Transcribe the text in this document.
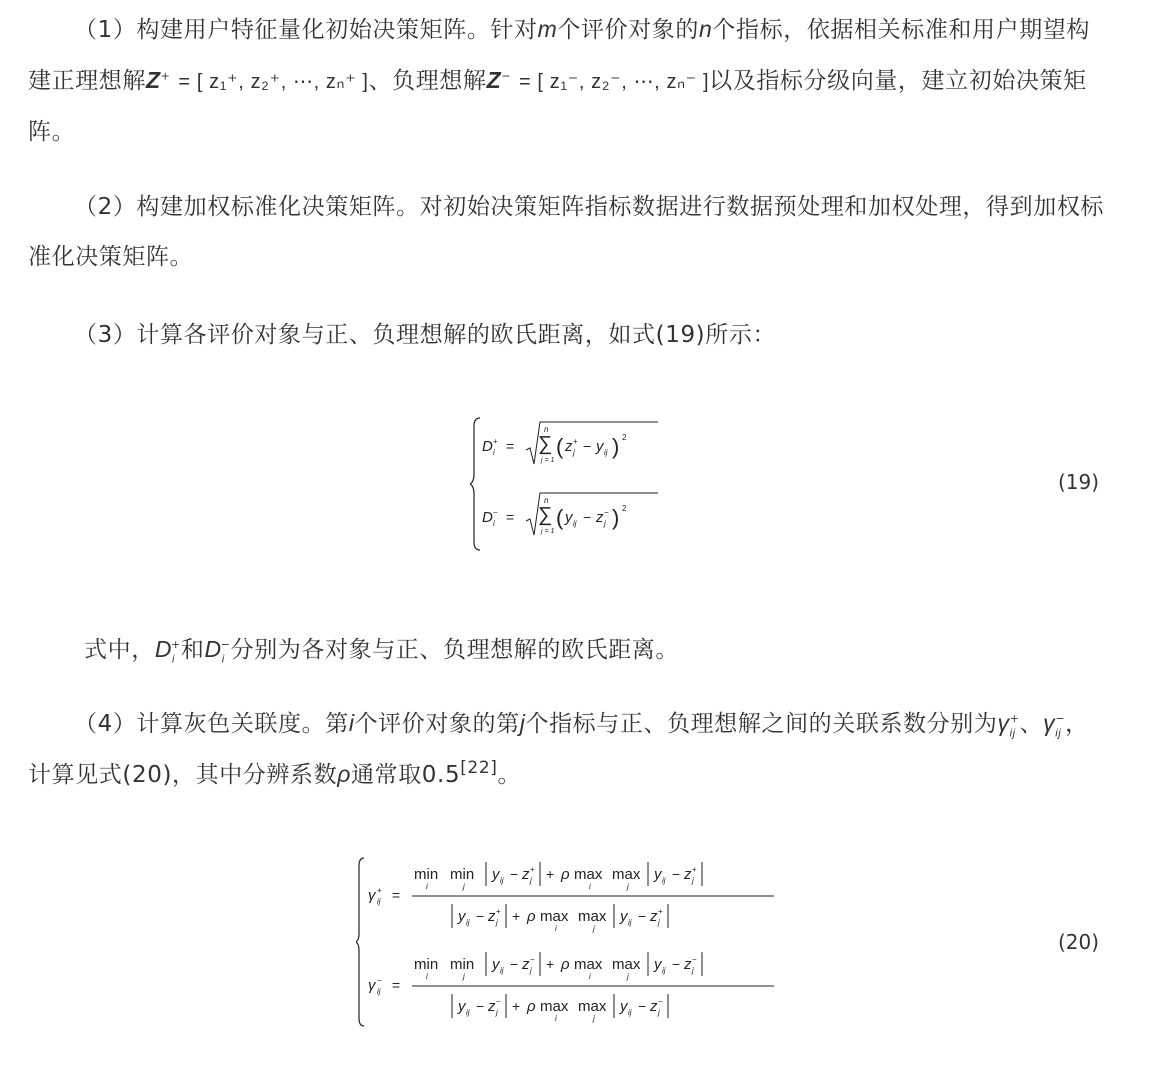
（1）构建用户特征量化初始决策矩阵。针对m个评价对象的n个指标，依据相关标准和用户期望构建正理想解Z+ = [ z₁⁺, z₂⁺, ⋯, zₙ⁺ ]、负理想解Z− = [ z₁⁻, z₂⁻, ⋯, zₙ⁻ ]以及指标分级向量，建立初始决策矩阵。

（2）构建加权标准化决策矩阵。对初始决策矩阵指标数据进行数据预处理和加权处理，得到加权标准化决策矩阵。

（3）计算各评价对象与正、负理想解的欧氏距离，如式(19)所示：

D +
i =
n
∑
j = 1
( z +
j − y ij ) 2
D −
i =
n
∑
j = 1
( y ij − z −
j ) 2
(19)

式中，$D_i^+$和$D_i^-$分别为各对象与正、负理想解的欧氏距离。

（4）计算灰色关联度。第i个评价对象的第j个指标与正、负理想解之间的关联系数分别为$\gamma_{ij}^+$、$\gamma_{ij}^-$，计算见式(20)，其中分辨系数ρ通常取0.5[22]。

γ +
ij =
min
i
min
j
y ij − z +
j + ρ max
i
max
j
y ij − z +
j
y ij − z +
j + ρ max
i
max
j
y ij − z +
j
γ −
ij =
min
i
min
j
y ij − z −
j + ρ max
i
max
j
y ij − z −
j
y ij − z −
j + ρ max
i
max
j
y ij − z −
j
(20)
